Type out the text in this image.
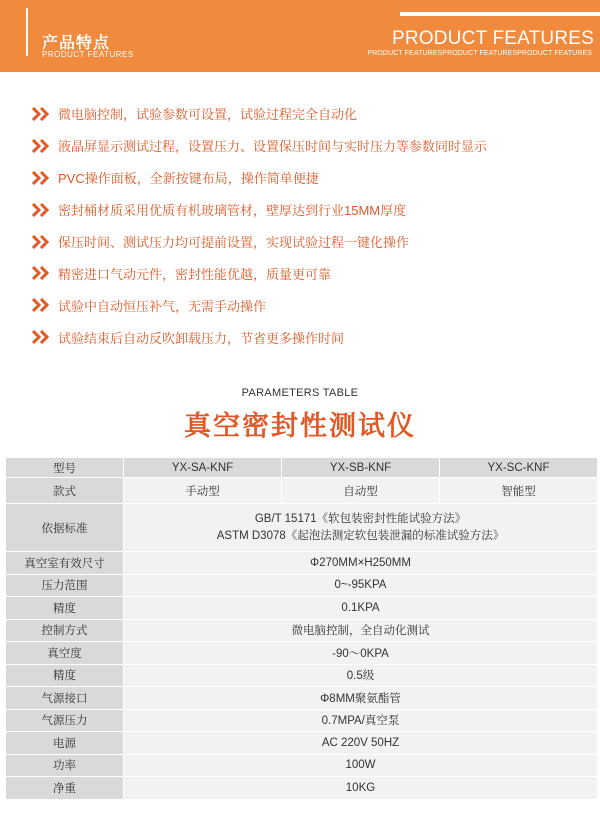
产品特点
PRODUCT FEATURES
PRODUCT FEATURES
PRODUCT FEATURESPRODUCT FEATURESPRODUCT FEATURES
微电脑控制，试验参数可设置，试验过程完全自动化
液晶屏显示测试过程，设置压力、设置保压时间与实时压力等参数同时显示
PVC操作面板，全新按键布局，操作简单便捷
密封桶材质采用优质有机玻璃管材，壁厚达到行业15MM厚度
保压时间、测试压力均可提前设置，实现试验过程一键化操作
精密进口气动元件，密封性能优越，质量更可靠
试验中自动恒压补气，无需手动操作
试验结束后自动反吹卸载压力，节省更多操作时间
PARAMETERS TABLE
真空密封性测试仪
型号	YX-SA-KNF	YX-SB-KNF	YX-SC-KNF
款式	手动型	自动型	智能型
依据标准	GB/T 15171《软包装密封性能试验方法》
ASTM D3078《起泡法测定软包装泄漏的标准试验方法》		

真空室有效尺寸	Φ270MM×H250MM		
压力范围	0~-95KPA		
精度	0.1KPA		
控制方式	微电脑控制，全自动化测试		
真空度	-90〜0KPA		
精度	0.5级		
气源接口	Φ8MM聚氨酯管		
气源压力	0.7MPA/真空泵		
电源	AC 220V 50HZ		
功率	100W		
净重	10KG		
